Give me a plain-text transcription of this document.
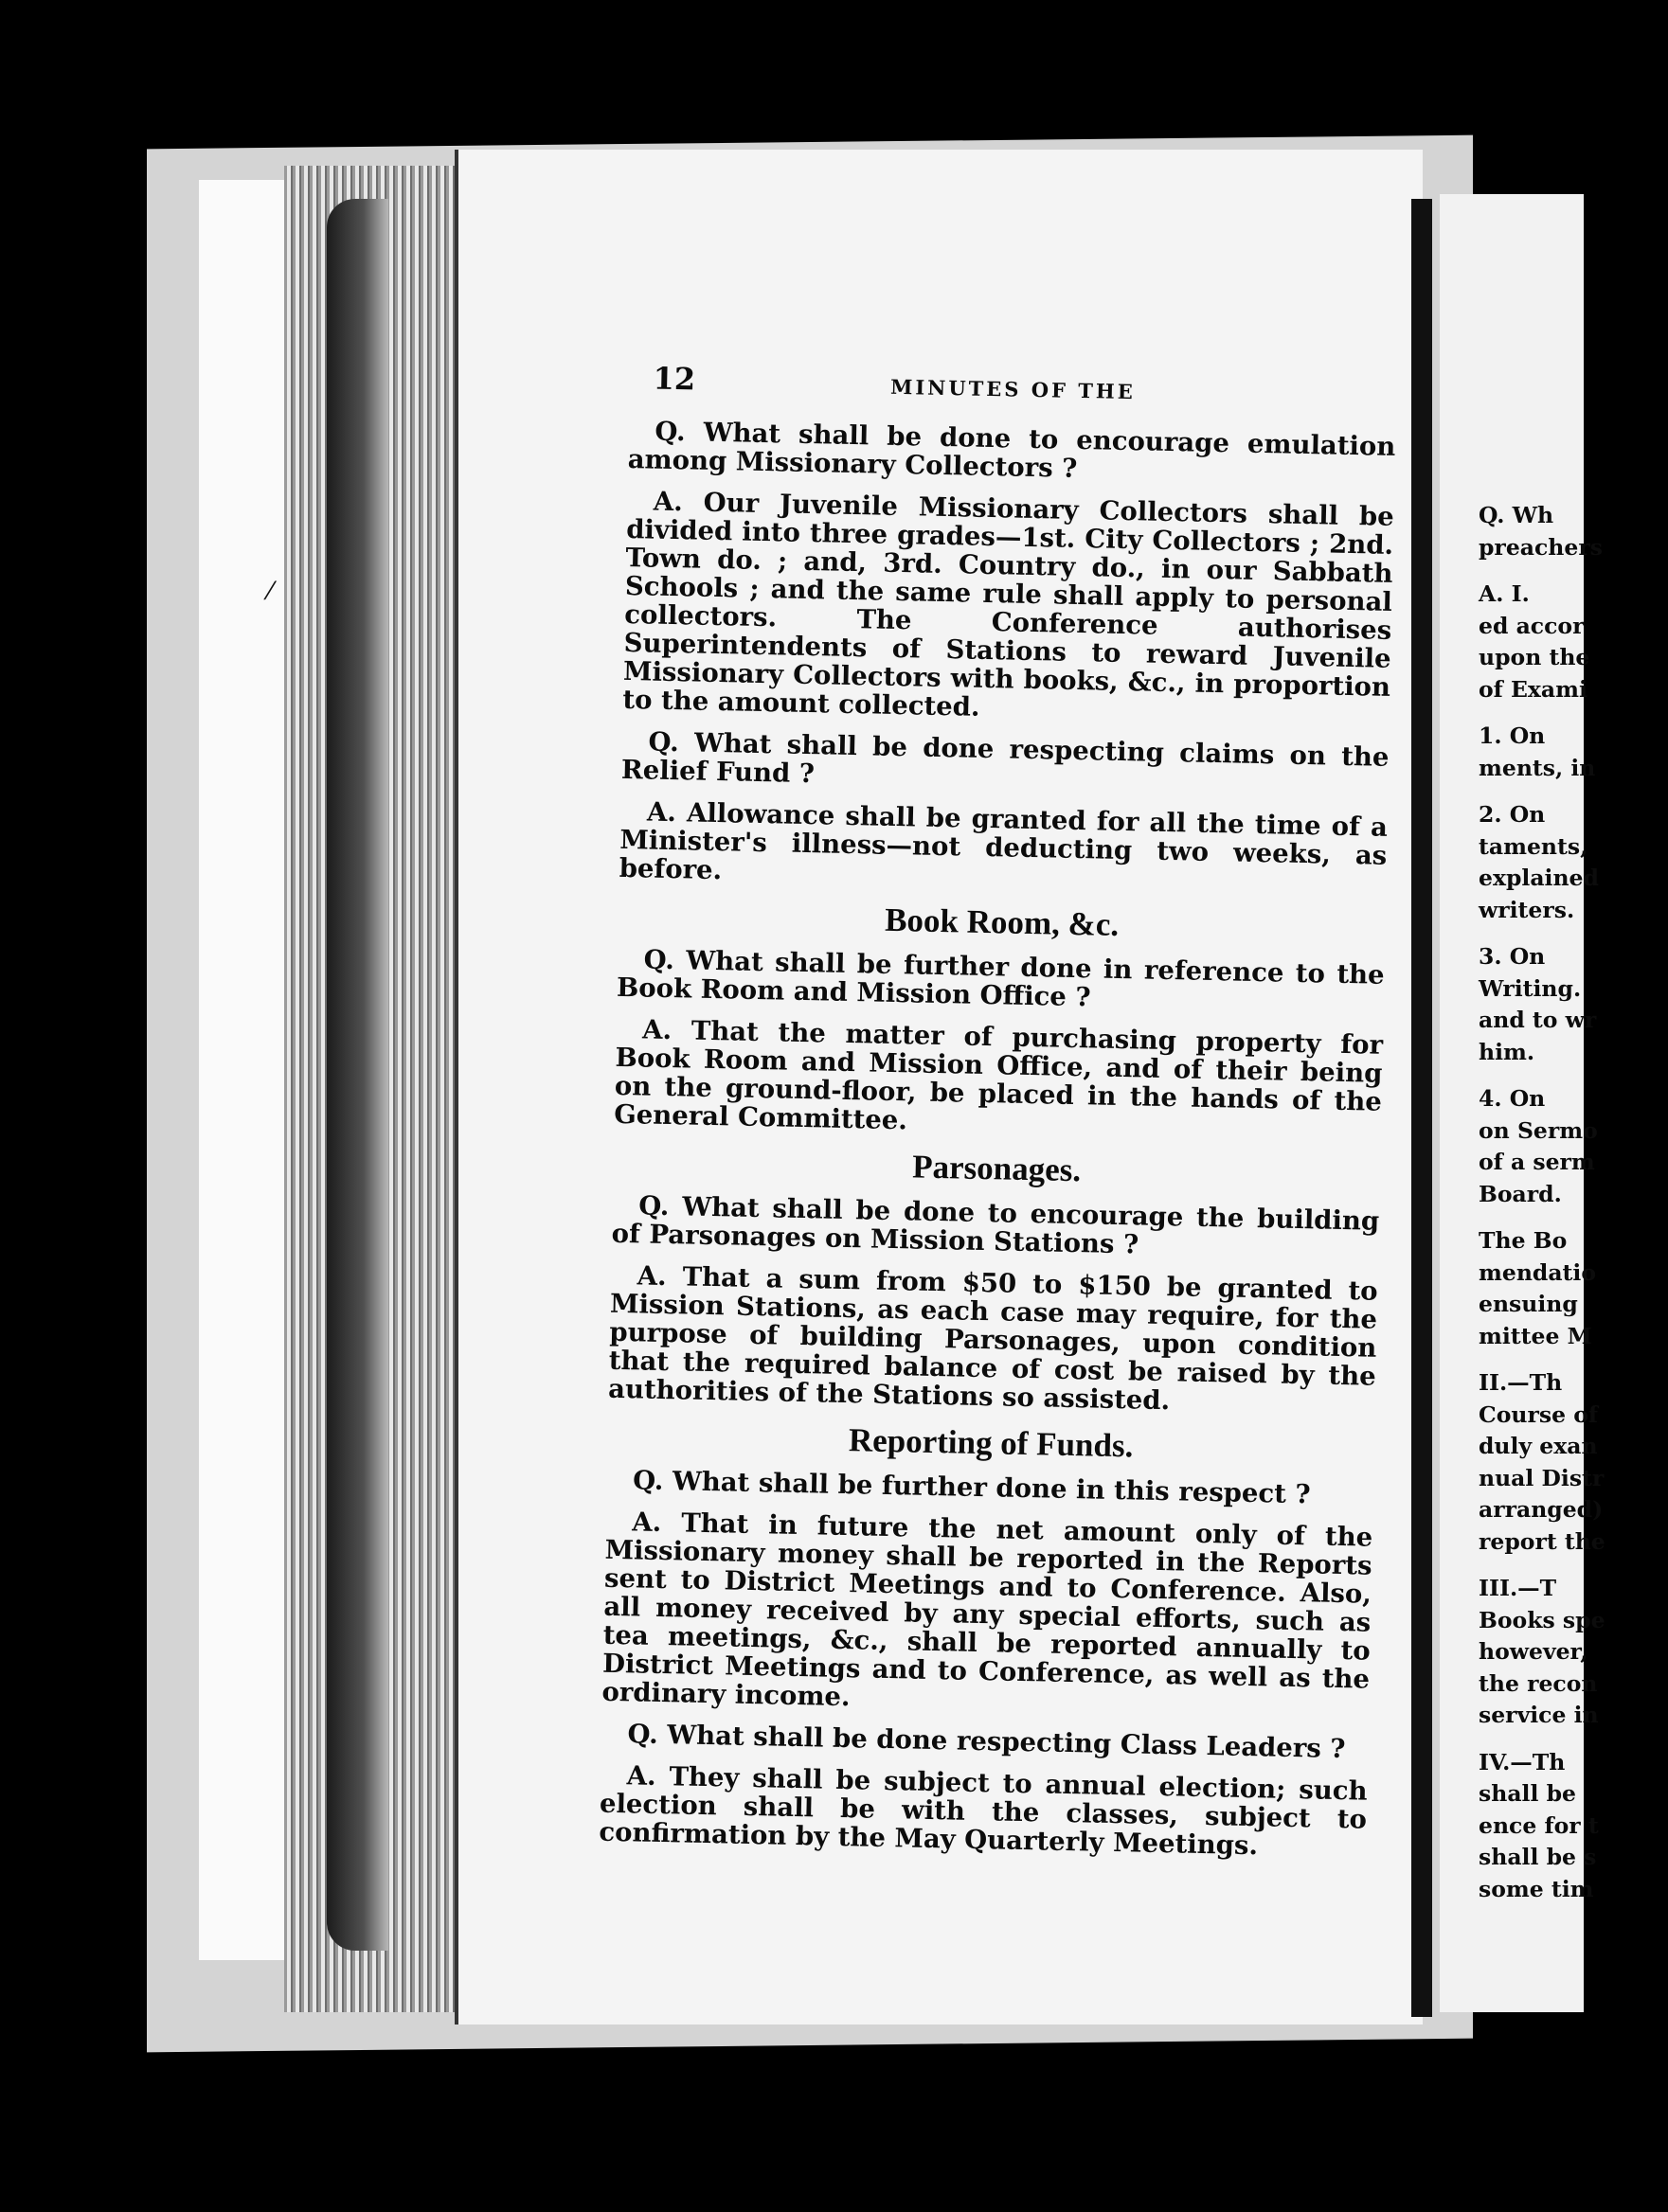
⁄
12	MINUTES OF THE

Q. What shall be done to encourage emulation among Missionary Collectors ?

A. Our Juvenile Missionary Collectors shall be divided into three grades—1st. City Collectors ; 2nd. Town do. ; and, 3rd. Country do., in our Sabbath Schools ; and the same rule shall apply to personal collectors. The Conference authorises Superintendents of Stations to reward Juvenile Missionary Collectors with books, &c., in proportion to the amount collected.

Q. What shall be done respecting claims on the Relief Fund ?

A. Allowance shall be granted for all the time of a Minister's illness—not deducting two weeks, as before.

Book Room, &c.

Q. What shall be further done in reference to the Book Room and Mission Office ?

A. That the matter of purchasing property for Book Room and Mission Office, and of their being on the ground-floor, be placed in the hands of the General Committee.

Parsonages.

Q. What shall be done to encourage the building of Parsonages on Mission Stations ?

A. That a sum from $50 to $150 be granted to Mission Stations, as each case may require, for the purpose of building Parsonages, upon condition that the required balance of cost be raised by the authorities of the Stations so assisted.

Reporting of Funds.

Q. What shall be further done in this respect ?

A. That in future the net amount only of the Missionary money shall be reported in the Reports sent to District Meetings and to Conference. Also, all money received by any special efforts, such as tea meetings, &c., shall be reported annually to District Meetings and to Conference, as well as the ordinary income.

Q. What shall be done respecting Class Leaders ?

A. They shall be subject to annual election; such election shall be with the classes, subject to confirmation by the May Quarterly Meetings.

Q. Wh
preachers
A. I.
ed accor
upon the
of Exami
1. On
ments, in
2. On
taments,
explained
writers.
3. On
Writing.
and to wr
him.
4. On
on Sermo
of a serm
Board.
The Bo
mendatio
ensuing
mittee M
II.—Th
Course of
duly exan
nual Distr
arranged)
report the
III.—T
Books spe
however,
the recon
service in
IV.—Th
shall be
ence for t
shall be s
some tim
